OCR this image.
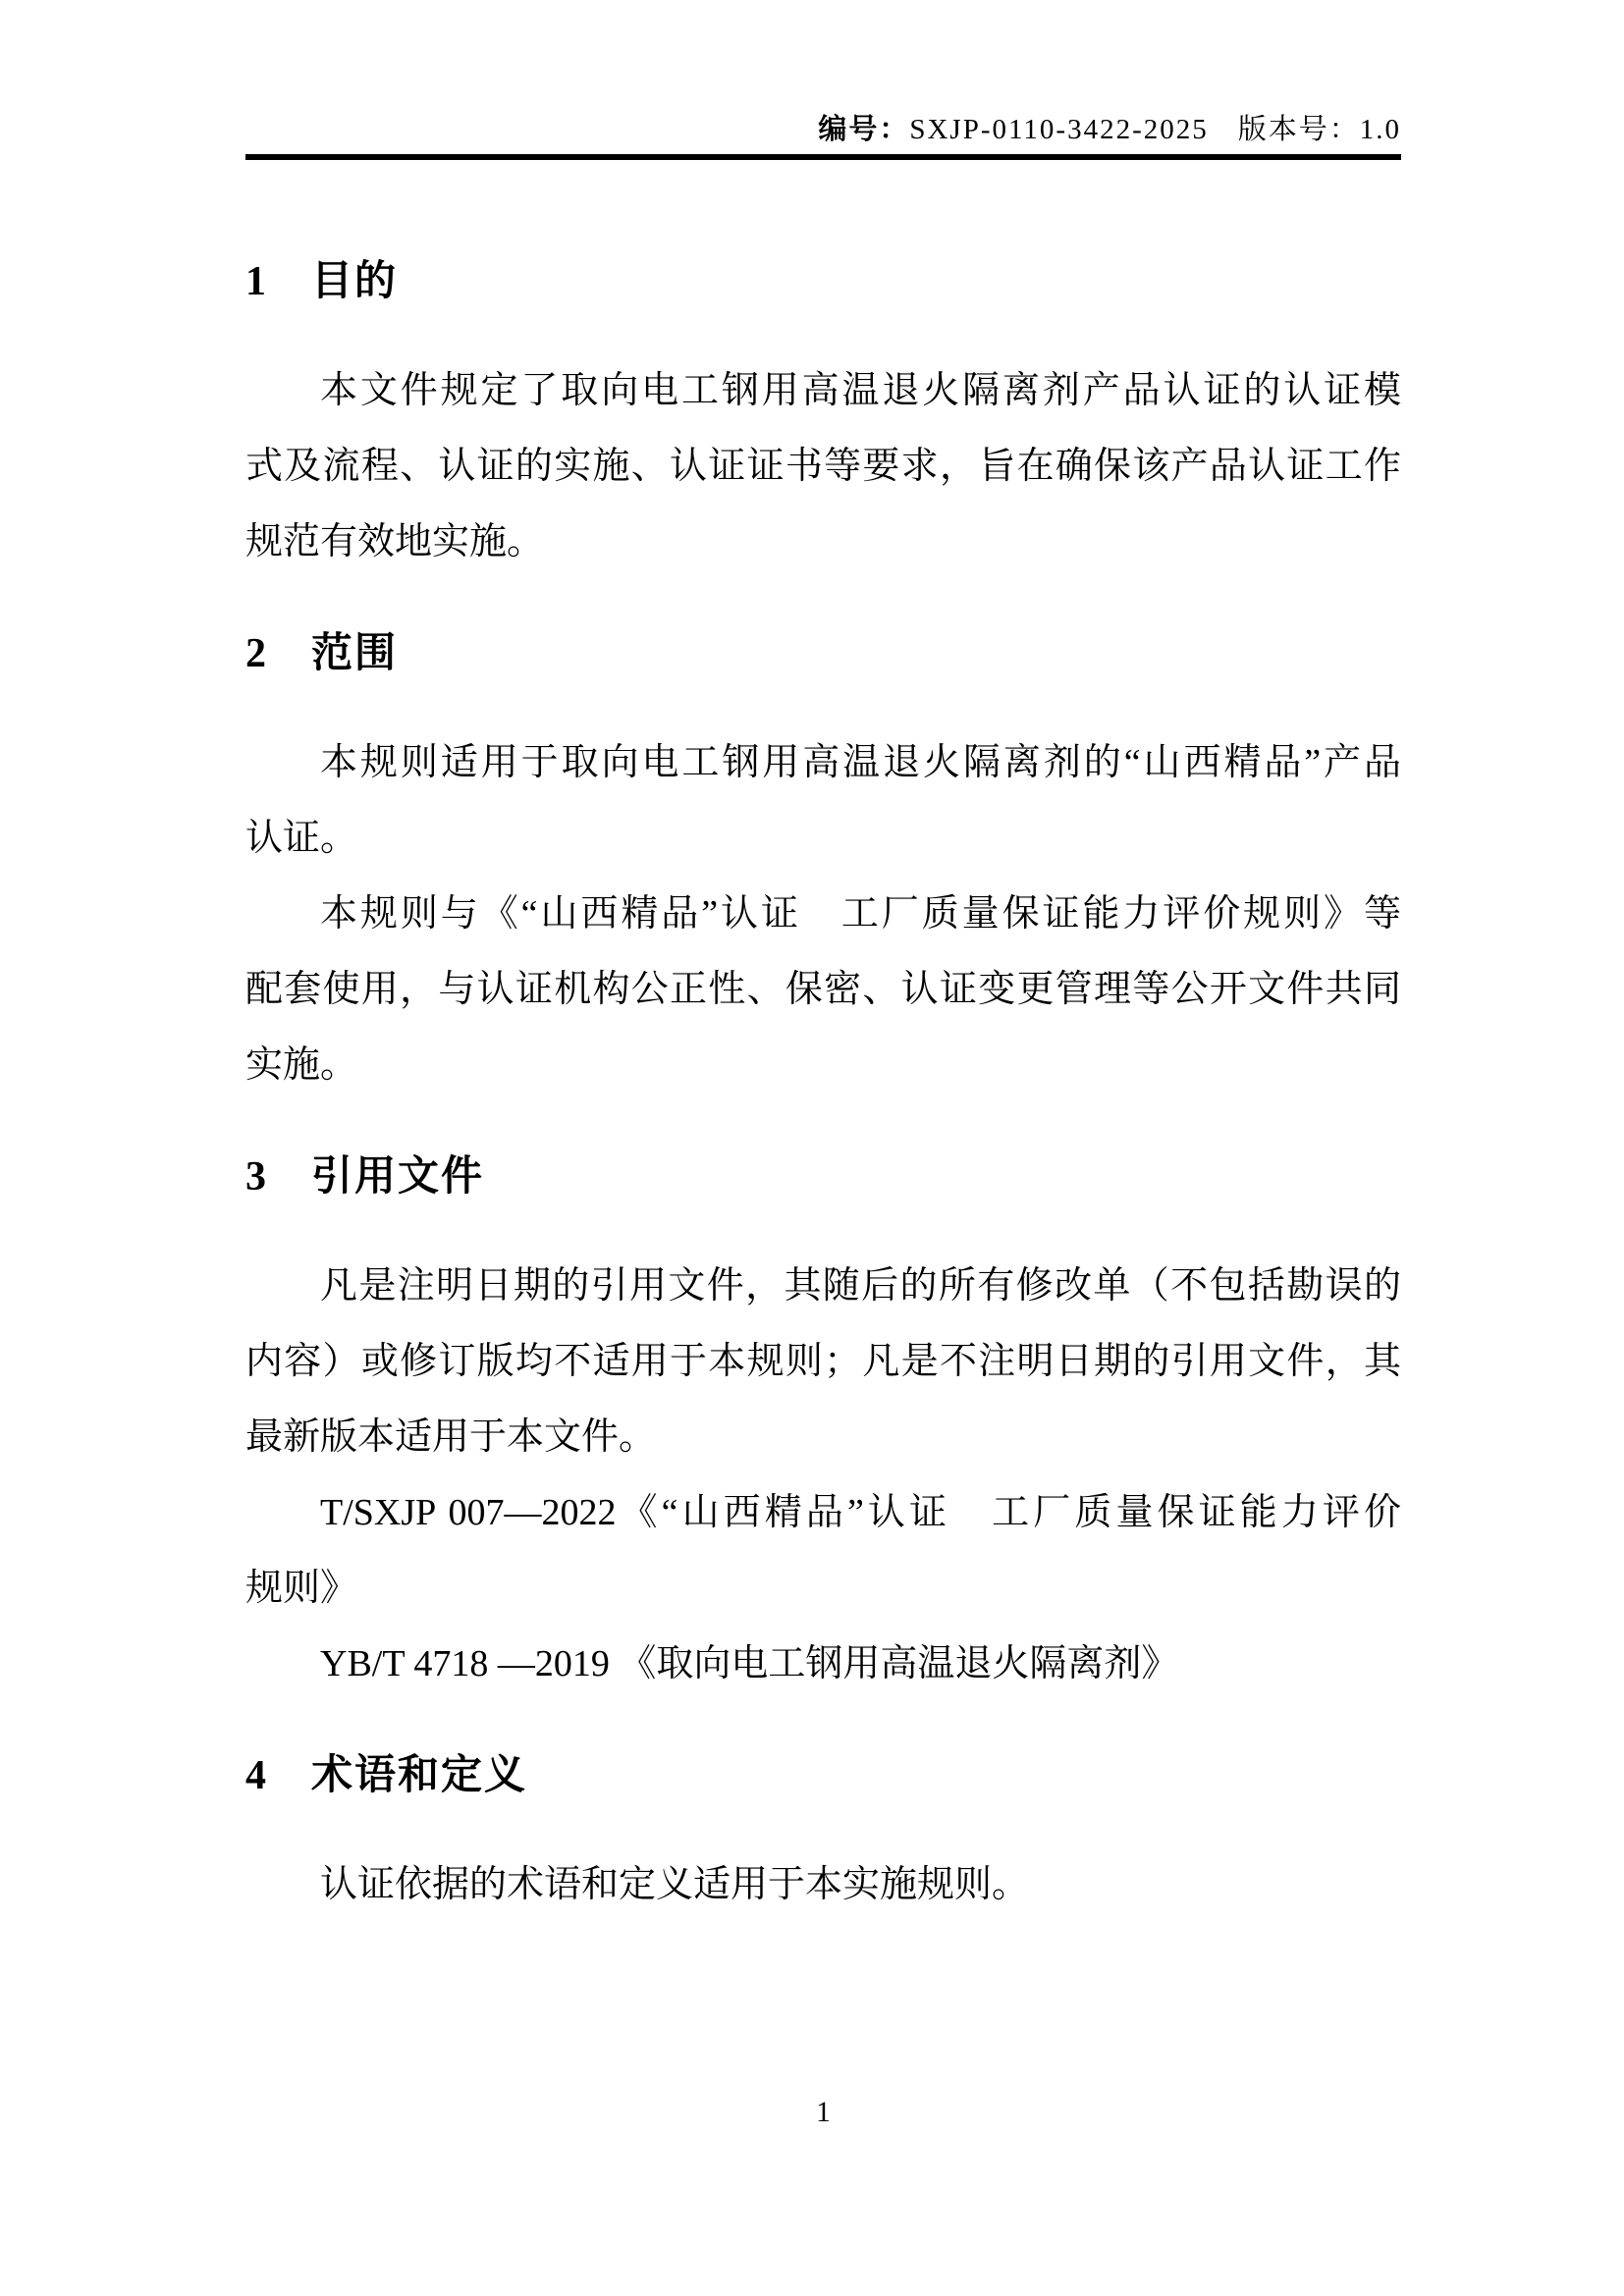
编号：SXJP-0110-3422-2025 版本号：1.0
1　目的
本文件规定了取向电工钢用高温退火隔离剂产品认证的认证模
式及流程、认证的实施、认证证书等要求，旨在确保该产品认证工作
规范有效地实施。
2　范围
本规则适用于取向电工钢用高温退火隔离剂的“山西精品”产品
认证。
本规则与《“山西精品”认证　工厂质量保证能力评价规则》等
配套使用，与认证机构公正性、保密、认证变更管理等公开文件共同
实施。
3　引用文件
凡是注明日期的引用文件，其随后的所有修改单（不包括勘误的
内容）或修订版均不适用于本规则；凡是不注明日期的引用文件，其
最新版本适用于本文件。
T/SXJP 007—2022《“山西精品”认证　工厂质量保证能力评价
规则》
YB/T 4718 —2019 《取向电工钢用高温退火隔离剂》
4　术语和定义
认证依据的术语和定义适用于本实施规则。
1
